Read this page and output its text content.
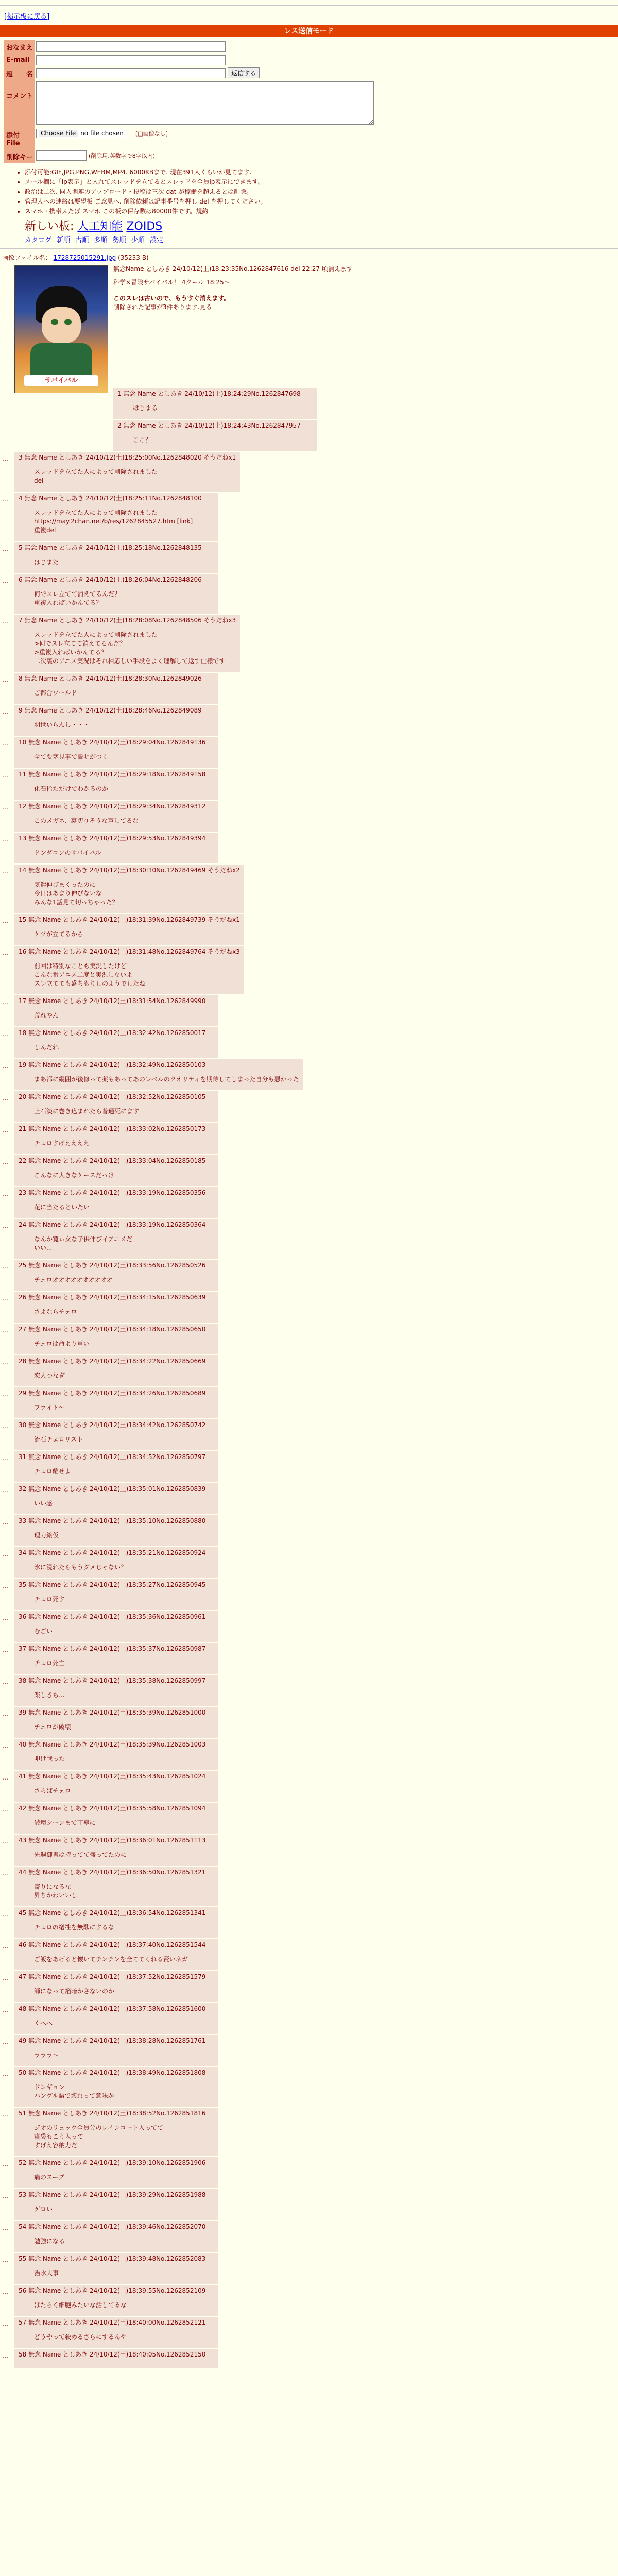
[掲示板に戻る]
レス送信モード
おなまえ	
E-mail	
題　　名	返信する
コメント	
添付File	Choose File no file chosen [□画像なし]
削除キー	(削除用.英数字で8字以内)
• 添付可能:GIF,JPG,PNG,WEBM,MP4. 6000KBまで. 現在391人くらいが見てます.
• メール欄に「ip表示」と入れてスレッドを立てるとスレッドを全員ip表示にできます。
• 政治は二次. 同人関連のアップロード・投稿は三次 dat が稼働を超えるとは削除。
• 管理人への連絡は要望板 ご意見へ. 削除依頼は記事番号を押し del を押してください。
• スマホ・携帯ふたば スマホ この板の保存数は80000件です。規約
新しい板: 人工知能 ZOIDS
カタログ 新順 古順 多順 勢順 少順 設定
画像ファイル名： 1728725015291.jpg (35233 B)
サバイバル
無念Name としあき 24/10/12(土)18:23:35No.1262847616 del 22:27 頃消えます
科学×冒険サバイバル！ 4クール 18:25〜
このスレは古いので、もうすぐ消えます。
削除された記事が3件あります.見る
1 無念 Name としあき 24/10/12(土)18:24:29No.1262847698
はじまる
2 無念 Name としあき 24/10/12(土)18:24:43No.1262847957
ここ？
… 3 無念 Name としあき 24/10/12(土)18:25:00No.1262848020 そうだねx1
スレッドを立てた人によって削除されました
del
… 4 無念 Name としあき 24/10/12(土)18:25:11No.1262848100
スレッドを立てた人によって削除されました
https://may.2chan.net/b/res/1262845527.htm [link]
重複del
… 5 無念 Name としあき 24/10/12(土)18:25:18No.1262848135
はじまた
… 6 無念 Name としあき 24/10/12(土)18:26:04No.1262848206
何でスレ立てて消えてるんだ？
重複入ればいかんてる？
… 7 無念 Name としあき 24/10/12(土)18:28:08No.1262848506 そうだねx3
スレッドを立てた人によって削除されました
>何でスレ立てて消えてるんだ？
>重複入ればいかんてる？
二次裏のアニメ実況はそれ相応しい手段をよく理解して返す仕様です
… 8 無念 Name としあき 24/10/12(土)18:28:30No.1262849026
ご都合ワールド
… 9 無念 Name としあき 24/10/12(土)18:28:46No.1262849089
羽世いらんし・・・
… 10 無念 Name としあき 24/10/12(土)18:29:04No.1262849136
全て要塞見事で説明がつく
… 11 無念 Name としあき 24/10/12(土)18:29:18No.1262849158
化石拾ただけでわかるのか
… 12 無念 Name としあき 24/10/12(土)18:29:34No.1262849312
このメガネ．裏切りそうな声してるな
… 13 無念 Name としあき 24/10/12(土)18:29:53No.1262849394
ドンダコンのサバイバル
… 14 無念 Name としあき 24/10/12(土)18:30:10No.1262849469 そうだねx2
気遣伸びまくったのに
今日はあまり伸びないな
みんな1話見て切っちゃった？
… 15 無念 Name としあき 24/10/12(土)18:31:39No.1262849739 そうだねx1
ケツが立てるから
… 16 無念 Name としあき 24/10/12(土)18:31:48No.1262849764 そうだねx3
前回は特別なことも実況したけど
こんな番アニメ二度と実況しないよ
スレ立てても盛ちもりしのようでしたね
… 17 無念 Name としあき 24/10/12(土)18:31:54No.1262849990
荒れやん
… 18 無念 Name としあき 24/10/12(土)18:32:42No.1262850017
しんだれ
… 19 無念 Name としあき 24/10/12(土)18:32:49No.1262850103
まあ都に縦囲が後修って薬もあってあのレベルのクオリティを期待してしまった自分も悪かった
… 20 無念 Name としあき 24/10/12(土)18:32:52No.1262850105
上石淡に巻き込まれたら普通死にます
… 21 無念 Name としあき 24/10/12(土)18:33:02No.1262850173
チェロすげええええ
… 22 無念 Name としあき 24/10/12(土)18:33:04No.1262850185
こんなに大きなケースだっけ
… 23 無念 Name としあき 24/10/12(土)18:33:19No.1262850356
花に当たるといたい
… 24 無念 Name としあき 24/10/12(土)18:33:19No.1262850364
なんか寛ぃ女な子供伸びイアニメだ
いい...
… 25 無念 Name としあき 24/10/12(土)18:33:56No.1262850526
チェロオオオオオオオオオオ
… 26 無念 Name としあき 24/10/12(土)18:34:15No.1262850639
さよならチェロ
… 27 無念 Name としあき 24/10/12(土)18:34:18No.1262850650
チェロは命より重い
… 28 無念 Name としあき 24/10/12(土)18:34:22No.1262850669
恋人つなぎ
… 29 無念 Name としあき 24/10/12(土)18:34:26No.1262850689
ファイト〜
… 30 無念 Name としあき 24/10/12(土)18:34:42No.1262850742
流石チェロリスト
… 31 無念 Name としあき 24/10/12(土)18:34:52No.1262850797
チェロ離せよ
… 32 無念 Name としあき 24/10/12(土)18:35:01No.1262850839
いい感
… 33 無念 Name としあき 24/10/12(土)18:35:10No.1262850880
理力絵仮
… 34 無念 Name としあき 24/10/12(土)18:35:21No.1262850924
氷に浸れたらもうダメじゃない？
… 35 無念 Name としあき 24/10/12(土)18:35:27No.1262850945
チェロ死す
… 36 無念 Name としあき 24/10/12(土)18:35:36No.1262850961
むごい
… 37 無念 Name としあき 24/10/12(土)18:35:37No.1262850987
チェロ死亡
… 38 無念 Name としあき 24/10/12(土)18:35:38No.1262850997
楽しきち...
… 39 無念 Name としあき 24/10/12(土)18:35:39No.1262851000
チェロが破壊
… 40 無念 Name としあき 24/10/12(土)18:35:39No.1262851003
叩け戦った
… 41 無念 Name としあき 24/10/12(土)18:35:43No.1262851024
さらばチェロ
… 42 無念 Name としあき 24/10/12(土)18:35:58No.1262851094
破壊シーンまで丁寧に
… 43 無念 Name としあき 24/10/12(土)18:36:01No.1262851113
先週御書は持ってて盛ってたのに
… 44 無念 Name としあき 24/10/12(土)18:36:50No.1262851321
寄りになるな
昇ちかわいいし
… 45 無念 Name としあき 24/10/12(土)18:36:54No.1262851341
チェロの犠牲を無駄にするな
… 46 無念 Name としあき 24/10/12(土)18:37:40No.1262851544
ご飯をあげると懐いてチンチンを全ててくれる賢いネガ
… 47 無念 Name としあき 24/10/12(土)18:37:52No.1262851579
師になって箔暗かさないのか
… 48 無念 Name としあき 24/10/12(土)18:37:58No.1262851600
くへへ
… 49 無念 Name としあき 24/10/12(土)18:38:28No.1262851761
ラララ〜
… 50 無念 Name としあき 24/10/12(土)18:38:49No.1262851808
ドンギョン
ハングル語で壊れって意味か
… 51 無念 Name としあき 24/10/12(土)18:38:52No.1262851816
ジオのリュック全員分のレインコート入ってて
寝袋もこう入って
すげえ容納力だ
… 52 無念 Name としあき 24/10/12(土)18:39:10No.1262851906
痛のスープ
… 53 無念 Name としあき 24/10/12(土)18:39:29No.1262851988
ゲロい
… 54 無念 Name としあき 24/10/12(土)18:39:46No.1262852070
勉強になる
… 55 無念 Name としあき 24/10/12(土)18:39:48No.1262852083
治水大事
… 56 無念 Name としあき 24/10/12(土)18:39:55No.1262852109
ほたらく細胞みたいな話してるな
… 57 無念 Name としあき 24/10/12(土)18:40:00No.1262852121
どうやって殺めるさらにするんや
… 58 無念 Name としあき 24/10/12(土)18:40:05No.1262852150
